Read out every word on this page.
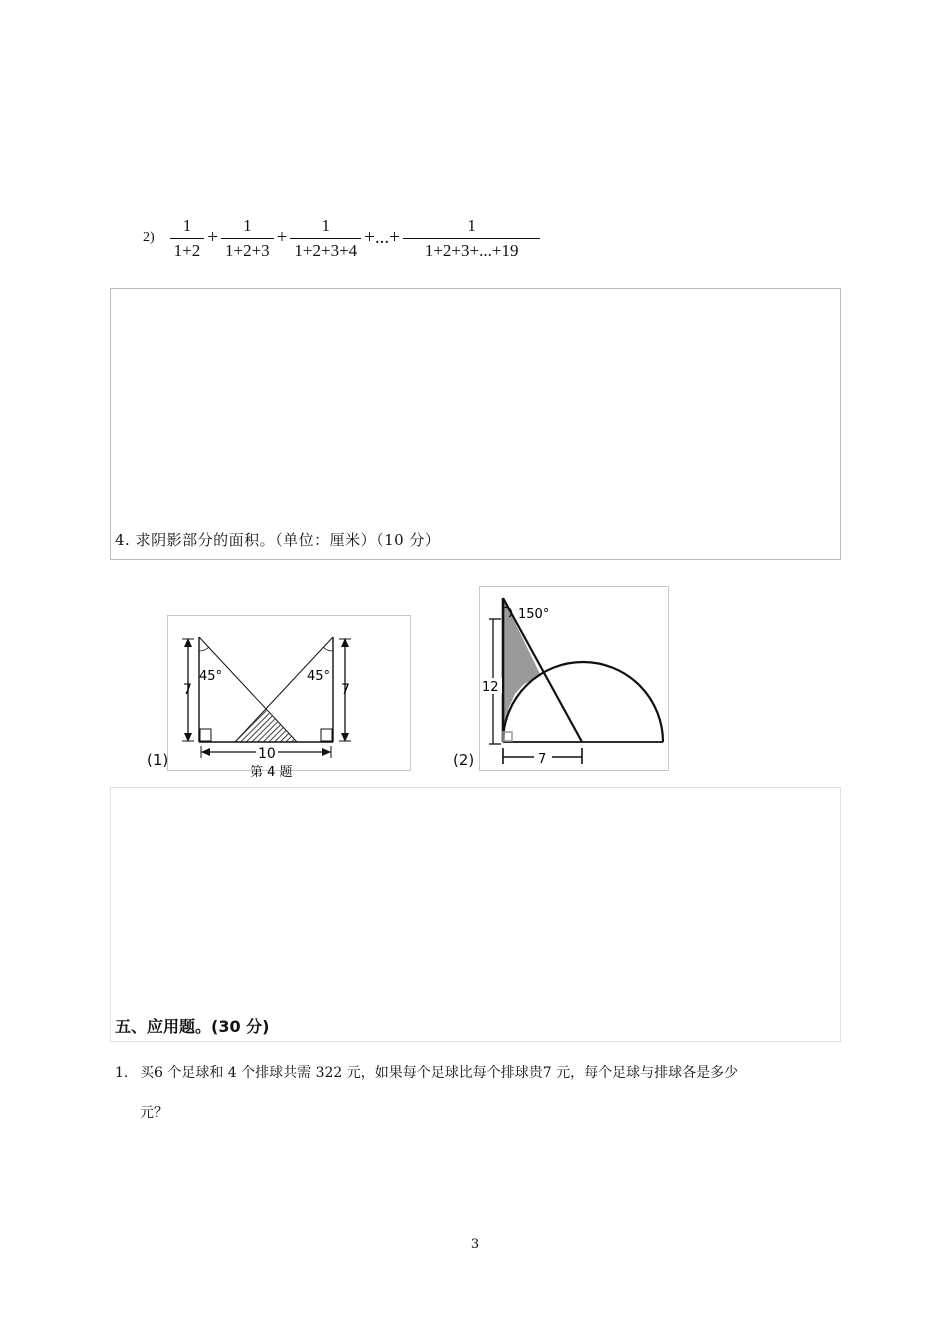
$2) \frac{1}{1+2} + \frac{1}{1+2+3} + \frac{1}{1+2+3+4}$ +...+ $\frac{1}{1+2+3+...+19}$
4. 求阴影部分的面积。（单位：厘米）（10 分）
45°	45°
7	7
10
第 4 题
(1)
150°
12
7
(2)
五、应用题。(30 分)
1. 买6 个足球和 4 个排球共需 322 元，如果每个足球比每个排球贵7 元，每个足球与排球各是多少
元？
3
